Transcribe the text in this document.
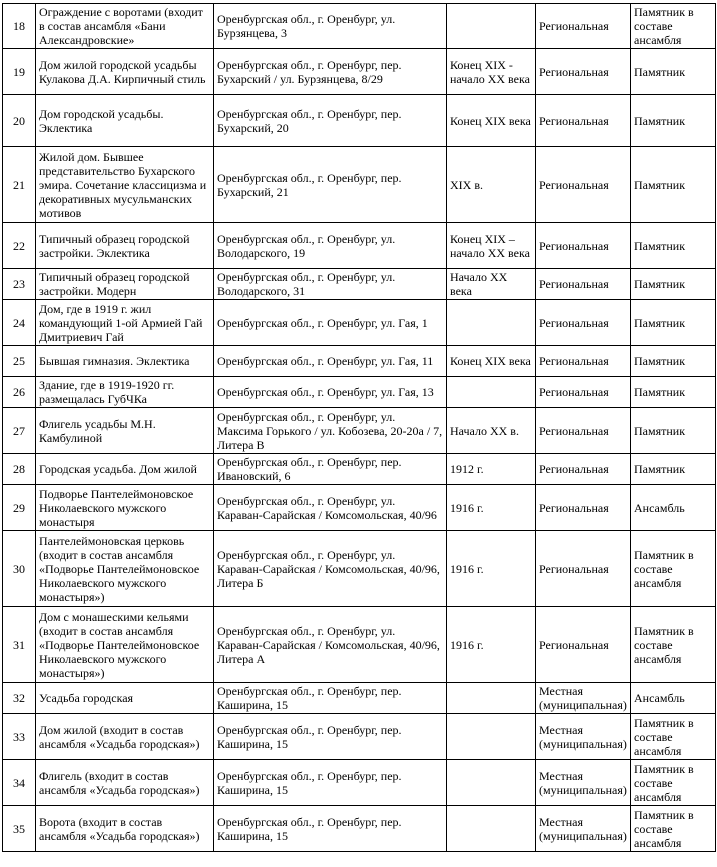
18	Ограждение с воротами (входит в состав ансамбля «Бани Александровские»	Оренбургская обл., г. Оренбург, ул. Бурзянцева, 3		Региональная	Памятник в составе ансамбля
19	Дом жилой городской усадьбы Кулакова Д.А. Кирпичный стиль	Оренбургская обл., г. Оренбург, пер. Бухарский / ул. Бурзянцева, 8/29	Конец XIX - начало XX века	Региональная	Памятник
20	Дом городской усадьбы. Эклектика	Оренбургская обл., г. Оренбург, пер. Бухарский, 20	Конец XIX века	Региональная	Памятник
21	Жилой дом. Бывшее представительство Бухарского эмира. Сочетание классицизма и декоративных мусульманских мотивов	Оренбургская обл., г. Оренбург, пер. Бухарский, 21	XIX в.	Региональная	Памятник
22	Типичный образец городской застройки. Эклектика	Оренбургская обл., г. Оренбург, ул. Володарского, 19	Конец XIX – начало XX века	Региональная	Памятник
23	Типичный образец городской застройки. Модерн	Оренбургская обл., г. Оренбург, ул. Володарского, 31	Начало XX века	Региональная	Памятник
24	Дом, где в 1919 г. жил командующий 1-ой Армией Гай Дмитриевич Гай	Оренбургская обл., г. Оренбург, ул. Гая, 1		Региональная	Памятник
25	Бывшая гимназия. Эклектика	Оренбургская обл., г. Оренбург, ул. Гая, 11	Конец XIX века	Региональная	Памятник
26	Здание, где в 1919-1920 гг. размещалась ГубЧКа	Оренбургская обл., г. Оренбург, ул. Гая, 13		Региональная	Памятник
27	Флигель усадьбы М.Н. Камбулиной	Оренбургская обл., г. Оренбург, ул. Максима Горького / ул. Кобозева, 20-20а / 7, Литера В	Начало XX в.	Региональная	Памятник
28	Городская усадьба. Дом жилой	Оренбургская обл., г. Оренбург, пер. Ивановский, 6	1912 г.	Региональная	Памятник
29	Подворье Пантелеймоновское Николаевского мужского монастыря	Оренбургская обл., г. Оренбург, ул. Караван-Сарайская / Комсомольская, 40/96	1916 г.	Региональная	Ансамбль
30	Пантелеймоновская церковь (входит в состав ансамбля «Подворье Пантелеймоновское Николаевского мужского монастыря»)	Оренбургская обл., г. Оренбург, ул. Караван-Сарайская / Комсомольская, 40/96, Литера Б	1916 г.	Региональная	Памятник в составе ансамбля
31	Дом с монашескими кельями (входит в состав ансамбля «Подворье Пантелеймоновское Николаевского мужского монастыря»)	Оренбургская обл., г. Оренбург, ул. Караван-Сарайская / Комсомольская, 40/96, Литера А	1916 г.	Региональная	Памятник в составе ансамбля
32	Усадьба городская	Оренбургская обл., г. Оренбург, пер. Каширина, 15		Местная (муниципальная)	Ансамбль
33	Дом жилой (входит в состав ансамбля «Усадьба городская»)	Оренбургская обл., г. Оренбург, пер. Каширина, 15		Местная (муниципальная)	Памятник в составе ансамбля
34	Флигель (входит в состав ансамбля «Усадьба городская»)	Оренбургская обл., г. Оренбург, пер. Каширина, 15		Местная (муниципальная)	Памятник в составе ансамбля
35	Ворота (входит в состав ансамбля «Усадьба городская»)	Оренбургская обл., г. Оренбург, пер. Каширина, 15		Местная (муниципальная)	Памятник в составе ансамбля
